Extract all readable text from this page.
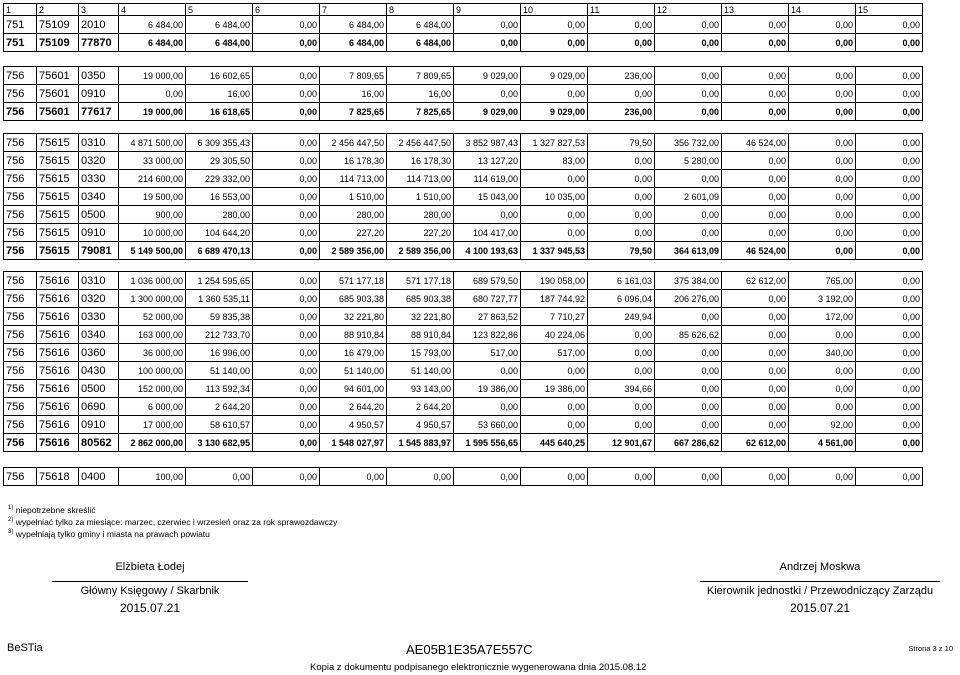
1	2	3	4	5	6	7	8	9	10	11	12	13	14	15
751	75109	2010	6 484,00	6 484,00	0,00	6 484,00	6 484,00	0,00	0,00	0,00	0,00	0,00	0,00	0,00
751	75109	77870	6 484,00	6 484,00	0,00	6 484,00	6 484,00	0,00	0,00	0,00	0,00	0,00	0,00	0,00
756	75601	0350	19 000,00	16 602,65	0,00	7 809,65	7 809,65	9 029,00	9 029,00	236,00	0,00	0,00	0,00	0,00
756	75601	0910	0,00	16,00	0,00	16,00	16,00	0,00	0,00	0,00	0,00	0,00	0,00	0,00
756	75601	77617	19 000,00	16 618,65	0,00	7 825,65	7 825,65	9 029,00	9 029,00	236,00	0,00	0,00	0,00	0,00
756	75615	0310	4 871 500,00	6 309 355,43	0,00	2 456 447,50	2 456 447,50	3 852 987,43	1 327 827,53	79,50	356 732,00	46 524,00	0,00	0,00
756	75615	0320	33 000,00	29 305,50	0,00	16 178,30	16 178,30	13 127,20	83,00	0,00	5 280,00	0,00	0,00	0,00
756	75615	0330	214 600,00	229 332,00	0,00	114 713,00	114 713,00	114 619,00	0,00	0,00	0,00	0,00	0,00	0,00
756	75615	0340	19 500,00	16 553,00	0,00	1 510,00	1 510,00	15 043,00	10 035,00	0,00	2 601,09	0,00	0,00	0,00
756	75615	0500	900,00	280,00	0,00	280,00	280,00	0,00	0,00	0,00	0,00	0,00	0,00	0,00
756	75615	0910	10 000,00	104 644,20	0,00	227,20	227,20	104 417,00	0,00	0,00	0,00	0,00	0,00	0,00
756	75615	79081	5 149 500,00	6 689 470,13	0,00	2 589 356,00	2 589 356,00	4 100 193,63	1 337 945,53	79,50	364 613,09	46 524,00	0,00	0,00
756	75616	0310	1 036 000,00	1 254 595,65	0,00	571 177,18	571 177,18	689 579,50	190 058,00	6 161,03	375 384,00	62 612,00	765,00	0,00
756	75616	0320	1 300 000,00	1 360 535,11	0,00	685 903,38	685 903,38	680 727,77	187 744,92	6 096,04	206 276,00	0,00	3 192,00	0,00
756	75616	0330	52 000,00	59 835,38	0,00	32 221,80	32 221,80	27 863,52	7 710,27	249,94	0,00	0,00	172,00	0,00
756	75616	0340	163 000,00	212 733,70	0,00	88 910,84	88 910,84	123 822,86	40 224,06	0,00	85 626,62	0,00	0,00	0,00
756	75616	0360	36 000,00	16 996,00	0,00	16 479,00	15 793,00	517,00	517,00	0,00	0,00	0,00	340,00	0,00
756	75616	0430	100 000,00	51 140,00	0,00	51 140,00	51 140,00	0,00	0,00	0,00	0,00	0,00	0,00	0,00
756	75616	0500	152 000,00	113 592,34	0,00	94 601,00	93 143,00	19 386,00	19 386,00	394,66	0,00	0,00	0,00	0,00
756	75616	0690	6 000,00	2 644,20	0,00	2 644,20	2 644,20	0,00	0,00	0,00	0,00	0,00	0,00	0,00
756	75616	0910	17 000,00	58 610,57	0,00	4 950,57	4 950,57	53 660,00	0,00	0,00	0,00	0,00	92,00	0,00
756	75616	80562	2 862 000,00	3 130 682,95	0,00	1 548 027,97	1 545 883,97	1 595 556,65	445 640,25	12 901,67	667 286,62	62 612,00	4 561,00	0,00
756	75618	0400	100,00	0,00	0,00	0,00	0,00	0,00	0,00	0,00	0,00	0,00	0,00	0,00
$^{1)}$ niepotrzebne skreślić
$^{2)}$ wypełniać tylko za miesiące: marzec, czerwiec i wrzesień oraz za rok sprawozdawczy
$^{3)}$ wypełniają tylko gminy i miasta na prawach powiatu
Elżbieta Łodej
Główny Księgowy / Skarbnik
2015.07.21
Andrzej Moskwa
Kierownik jednostki / Przewodniczący Zarządu
2015.07.21
BeSTia	AE05B1E35A7E557C	Strona 3 z 10
Kopia z dokumentu podpisanego elektronicznie wygenerowana dnia 2015.08.12
